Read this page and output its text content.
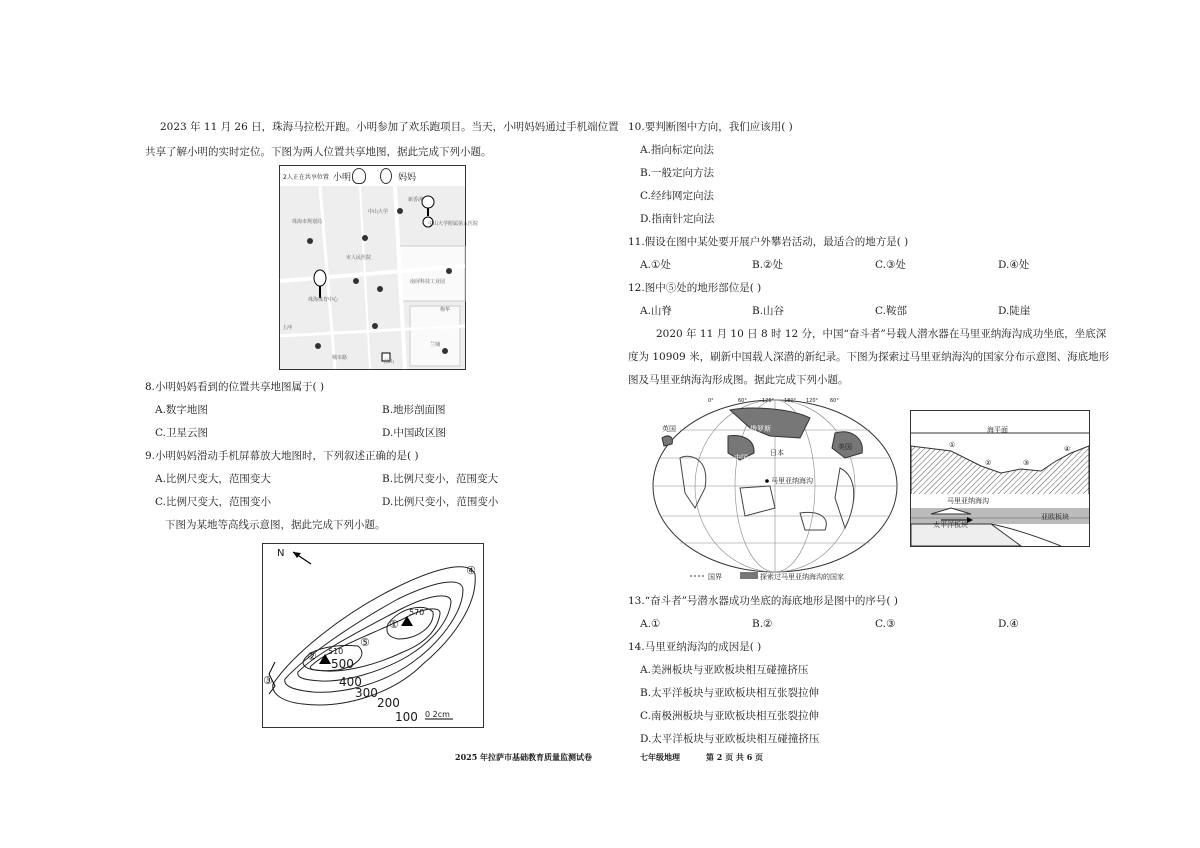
2023 年 11 月 26 日，珠海马拉松开跑。小明参加了欢乐跑项目。当天，小明妈妈通过手机端位置
共享了解小明的实时定位。下图为两人位置共享地图，据此完成下列小题。
2人正在共享位置 小明	妈妈
珠海市规划局
中山大学
市人民医院
中山大学附属第五医院
珠海体育中心
上冲
南屏科技工业园
城市路
前山
新香洲
兰埔
梅华
8.小明妈妈看到的位置共享地图属于( )
A.数字地图	B.地形剖面图
C.卫星云图	D.中国政区图
9.小明妈妈滑动手机屏幕放大地图时，下列叙述正确的是( )
A.比例尺变大，范围变大	B.比例尺变小，范围变大
C.比例尺变大，范围变小	D.比例尺变小，范围变小
下图为某地等高线示意图，据此完成下列小题。
N
510
570
500
400
300
200
100 0 2cm
①
②
③
④
⑤
10.要判断图中方向，我们应该用( )
A.指向标定向法
B.一般定向方法
C.经纬网定向法
D.指南针定向法
11.假设在图中某处要开展户外攀岩活动，最适合的地方是( )
A.①处	B.②处	C.③处	D.④处
12.图中⑤处的地形部位是( )
A.山脊	B.山谷	C.鞍部	D.陡崖
2020 年 11 月 10 日 8 时 12 分，中国“奋斗者”号载人潜水器在马里亚纳海沟成功坐底，坐底深
度为 10909 米，刷新中国载人深潜的新纪录。下图为探索过马里亚纳海沟的国家分布示意图、海底地形
图及马里亚纳海沟形成图。据此完成下列小题。
英国	俄罗斯
中国
日本
美国
马里亚纳海沟
国界	探索过马里亚纳海沟的国家
0°	60°	120° 180° 120° 60°
海平面
①
②	③
④
马里亚纳海沟
太平洋板块
亚欧板块
13.“奋斗者”号潜水器成功坐底的海底地形是图中的序号( )
A.①	B.②	C.③	D.④
14.马里亚纳海沟的成因是( )
A.美洲板块与亚欧板块相互碰撞挤压
B.太平洋板块与亚欧板块相互张裂拉伸
C.南极洲板块与亚欧板块相互张裂拉伸
D.太平洋板块与亚欧板块相互碰撞挤压
2025 年拉萨市基础教育质量监测试卷	七年级地理	第 2 页 共 6 页
